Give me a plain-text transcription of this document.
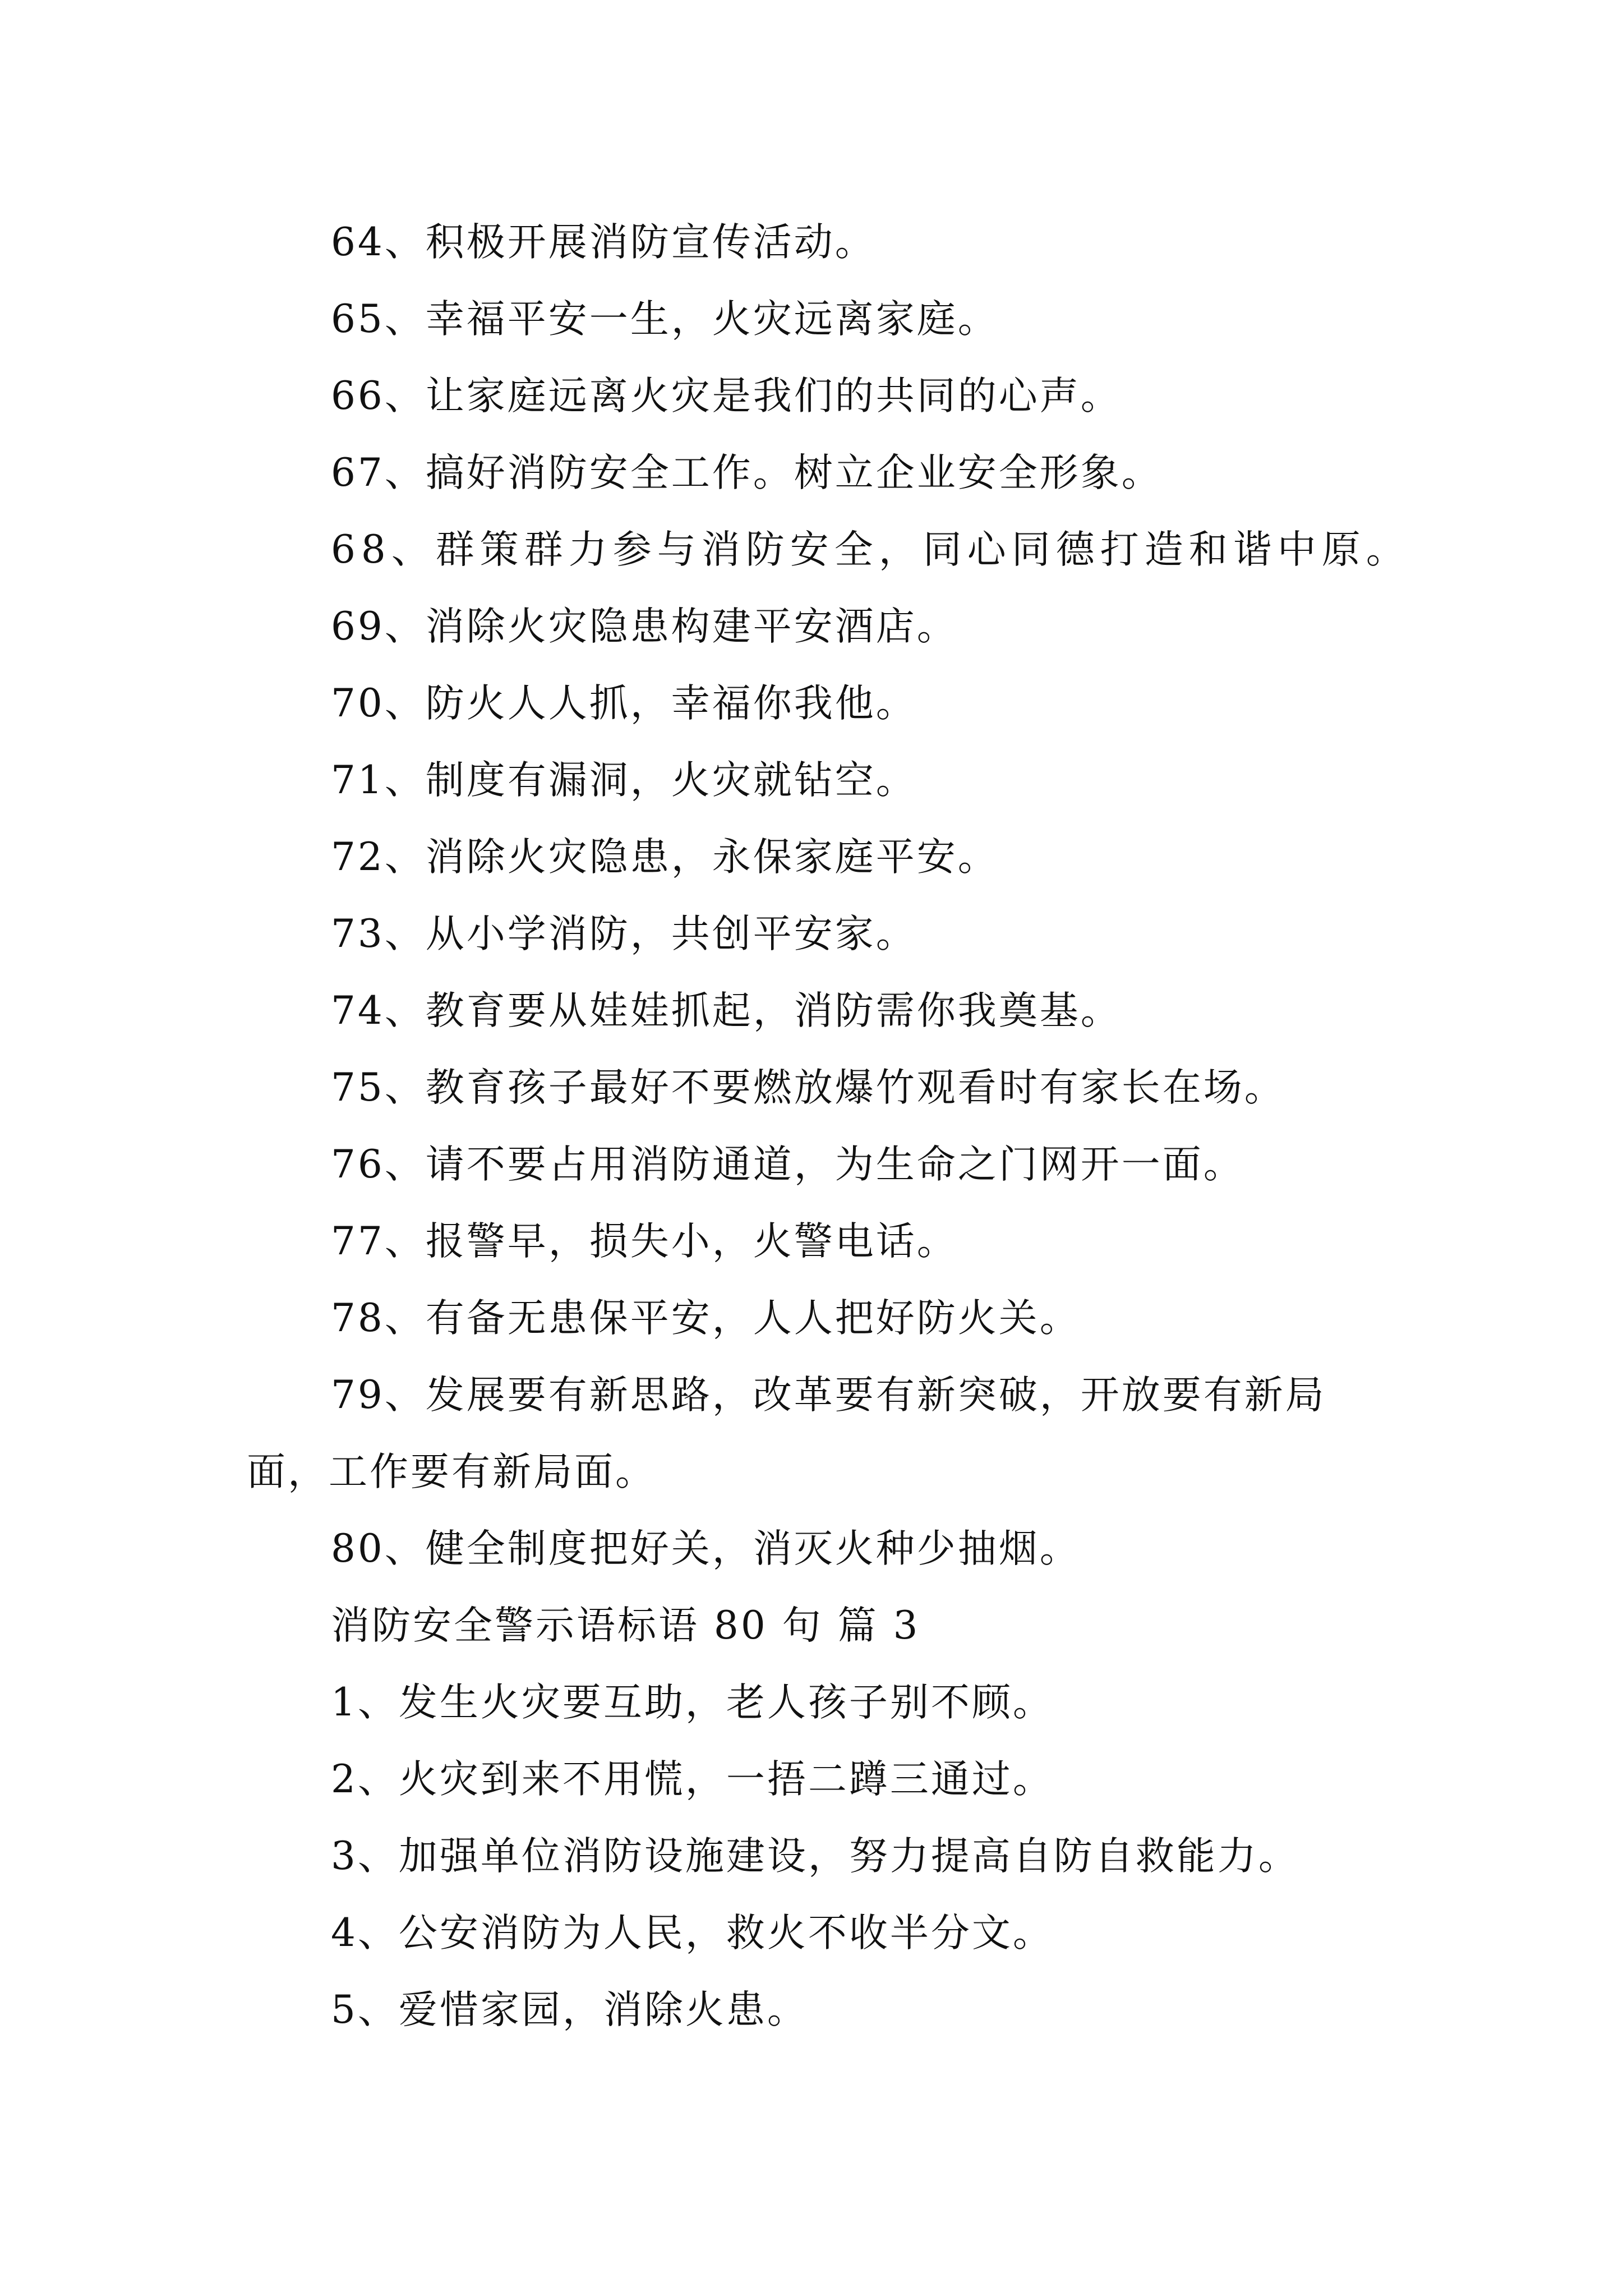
64、积极开展消防宣传活动。
65、幸福平安一生，火灾远离家庭。
66、让家庭远离火灾是我们的共同的心声。
67、搞好消防安全工作。树立企业安全形象。
68、群策群力参与消防安全，同心同德打造和谐中原。
69、消除火灾隐患构建平安酒店。
70、防火人人抓，幸福你我他。
71、制度有漏洞，火灾就钻空。
72、消除火灾隐患，永保家庭平安。
73、从小学消防，共创平安家。
74、教育要从娃娃抓起，消防需你我奠基。
75、教育孩子最好不要燃放爆竹观看时有家长在场。
76、请不要占用消防通道，为生命之门网开一面。
77、报警早，损失小，火警电话。
78、有备无患保平安，人人把好防火关。
79、发展要有新思路，改革要有新突破，开放要有新局
面，工作要有新局面。
80、健全制度把好关，消灭火种少抽烟。
消防安全警示语标语 80 句 篇 3
1、发生火灾要互助，老人孩子别不顾。
2、火灾到来不用慌，一捂二蹲三通过。
3、加强单位消防设施建设，努力提高自防自救能力。
4、公安消防为人民，救火不收半分文。
5、爱惜家园，消除火患。
